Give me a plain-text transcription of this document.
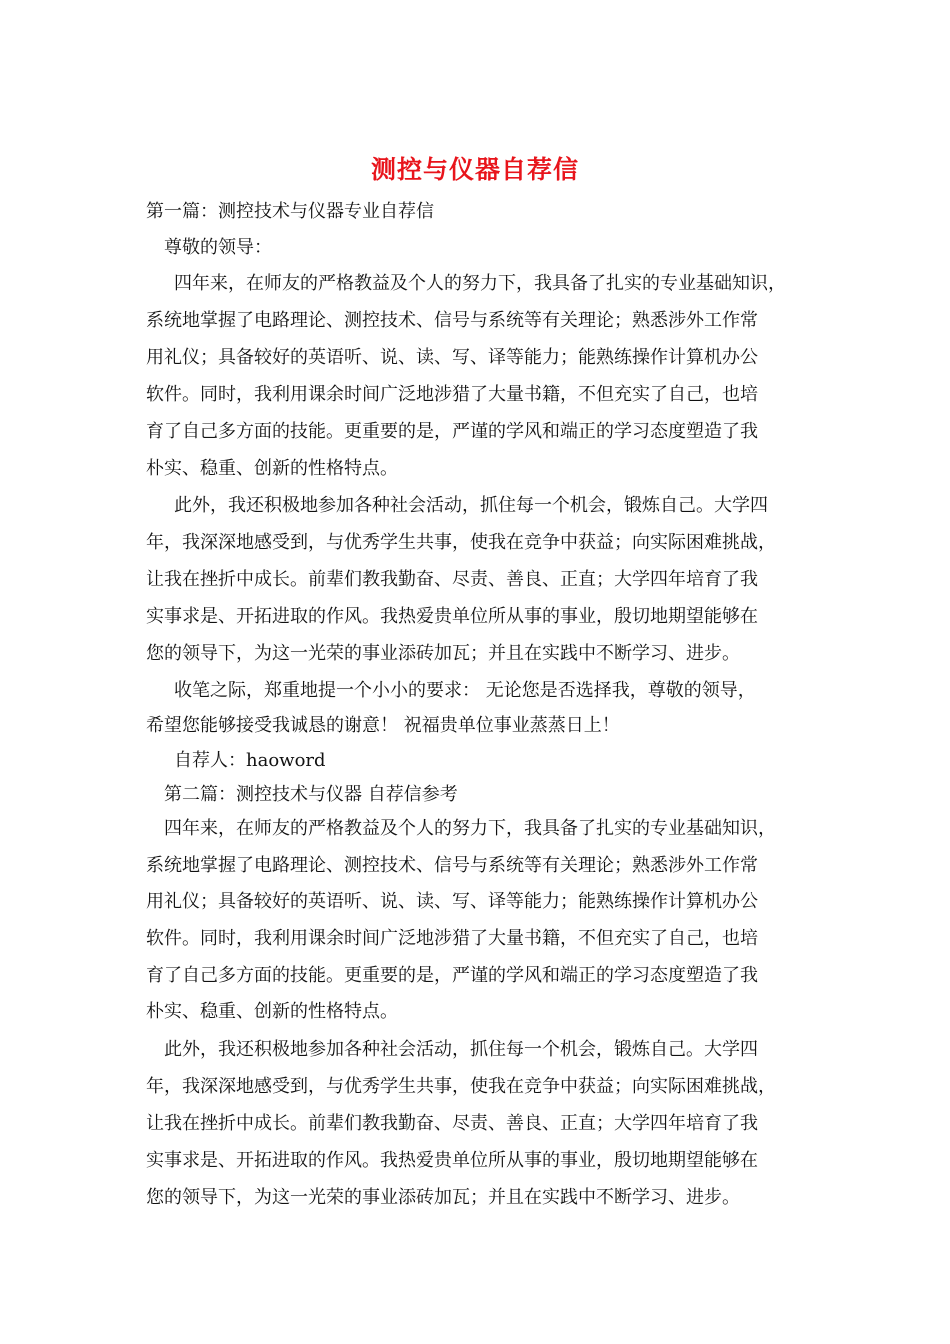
测控与仪器自荐信
第一篇：测控技术与仪器专业自荐信
尊敬的领导：
四年来，在师友的严格教益及个人的努力下，我具备了扎实的专业基础知识，
系统地掌握了电路理论、测控技术、信号与系统等有关理论；熟悉涉外工作常
用礼仪；具备较好的英语听、说、读、写、译等能力；能熟练操作计算机办公
软件。同时，我利用课余时间广泛地涉猎了大量书籍，不但充实了自己，也培
育了自己多方面的技能。更重要的是，严谨的学风和端正的学习态度塑造了我
朴实、稳重、创新的性格特点。
此外，我还积极地参加各种社会活动，抓住每一个机会，锻炼自己。大学四
年，我深深地感受到，与优秀学生共事，使我在竞争中获益；向实际困难挑战，
让我在挫折中成长。前辈们教我勤奋、尽责、善良、正直；大学四年培育了我
实事求是、开拓进取的作风。我热爱贵单位所从事的事业，殷切地期望能够在
您的领导下，为这一光荣的事业添砖加瓦；并且在实践中不断学习、进步。
收笔之际，郑重地提一个小小的要求： 无论您是否选择我，尊敬的领导，
希望您能够接受我诚恳的谢意！ 祝福贵单位事业蒸蒸日上！
自荐人：haoword
第二篇：测控技术与仪器 自荐信参考
四年来，在师友的严格教益及个人的努力下，我具备了扎实的专业基础知识，
系统地掌握了电路理论、测控技术、信号与系统等有关理论；熟悉涉外工作常
用礼仪；具备较好的英语听、说、读、写、译等能力；能熟练操作计算机办公
软件。同时，我利用课余时间广泛地涉猎了大量书籍，不但充实了自己，也培
育了自己多方面的技能。更重要的是，严谨的学风和端正的学习态度塑造了我
朴实、稳重、创新的性格特点。
此外，我还积极地参加各种社会活动，抓住每一个机会，锻炼自己。大学四
年，我深深地感受到，与优秀学生共事，使我在竞争中获益；向实际困难挑战，
让我在挫折中成长。前辈们教我勤奋、尽责、善良、正直；大学四年培育了我
实事求是、开拓进取的作风。我热爱贵单位所从事的事业，殷切地期望能够在
您的领导下，为这一光荣的事业添砖加瓦；并且在实践中不断学习、进步。
